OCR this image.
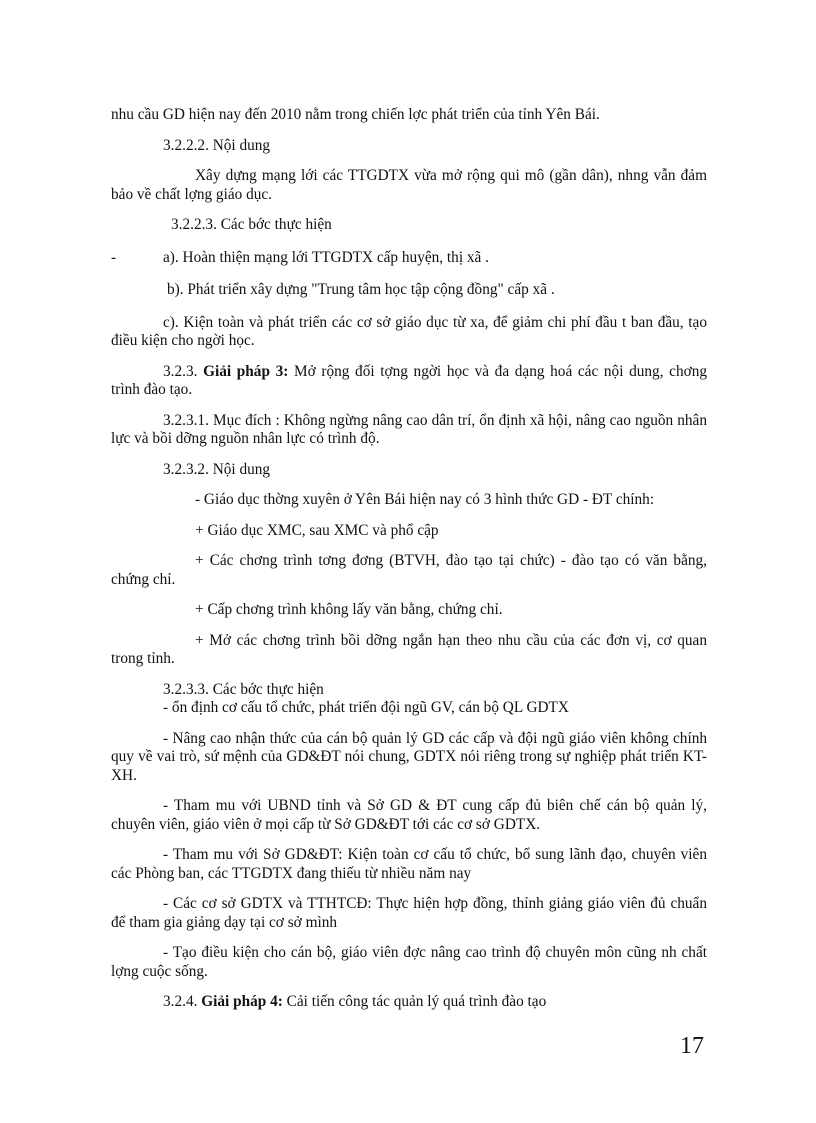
nhu cầu GD hiện nay đến 2010 nằm trong chiến lợc phát triển của tỉnh Yên Bái.

3.2.2.2. Nội dung

Xây dựng mạng lới các TTGDTX vừa mở rộng qui mô (gần dân), nhng vẫn đảm bảo về chất lợng giáo dục.

3.2.2.3. Các bớc thực hiện

-	a). Hoàn thiện mạng lới TTGDTX cấp huyện, thị xã .

b). Phát triển xây dựng "Trung tâm học tập cộng đồng" cấp xã .

c). Kiện toàn và phát triển các cơ sở giáo dục từ xa, để giảm chi phí đầu t ban đầu, tạo điều kiện cho ngời học.

3.2.3. Giải pháp 3: Mở rộng đối tợng ngời học và đa dạng hoá các nội dung, chơng trình đào tạo.

3.2.3.1. Mục đích : Không ngừng nâng cao dân trí, ổn định xã hội, nâng cao nguồn nhân lực và bồi dỡng nguồn nhân lực có trình độ.

3.2.3.2. Nội dung

- Giáo dục thờng xuyên ở Yên Bái hiện nay có 3 hình thức GD - ĐT chính:

+ Giáo dục XMC, sau XMC và phổ cập

+ Các chơng trình tơng đơng (BTVH, đào tạo tại chức) - đào tạo có văn bằng, chứng chỉ.

+ Cấp chơng trình không lấy văn bằng, chứng chỉ.

+ Mở các chơng trình bồi dỡng ngắn hạn theo nhu cầu của các đơn vị, cơ quan trong tỉnh.

3.2.3.3. Các bớc thực hiện

- ổn định cơ cấu tổ chức, phát triển đội ngũ GV, cán bộ QL GDTX

- Nâng cao nhận thức của cán bộ quản lý GD các cấp và đội ngũ giáo viên không chính quy về vai trò, sứ mệnh của GD&ĐT nói chung, GDTX nói riêng trong sự nghiệp phát triển KT-XH.

- Tham mu với UBND tỉnh và Sở GD & ĐT cung cấp đủ biên chế cán bộ quản lý, chuyên viên, giáo viên ở mọi cấp từ Sở GD&ĐT tới các cơ sở GDTX.

- Tham mu với Sở GD&ĐT: Kiện toàn cơ cấu tổ chức, bổ sung lãnh đạo, chuyên viên các Phòng ban, các TTGDTX đang thiếu từ nhiều năm nay

- Các cơ sở GDTX và TTHTCĐ: Thực hiện hợp đồng, thỉnh giảng giáo viên đủ chuẩn để tham gia giảng dạy tại cơ sở mình

- Tạo điều kiện cho cán bộ, giáo viên đợc nâng cao trình độ chuyên môn cũng nh chất lợng cuộc sống.

3.2.4. Giải pháp 4: Cải tiến công tác quản lý quá trình đào tạo

17
